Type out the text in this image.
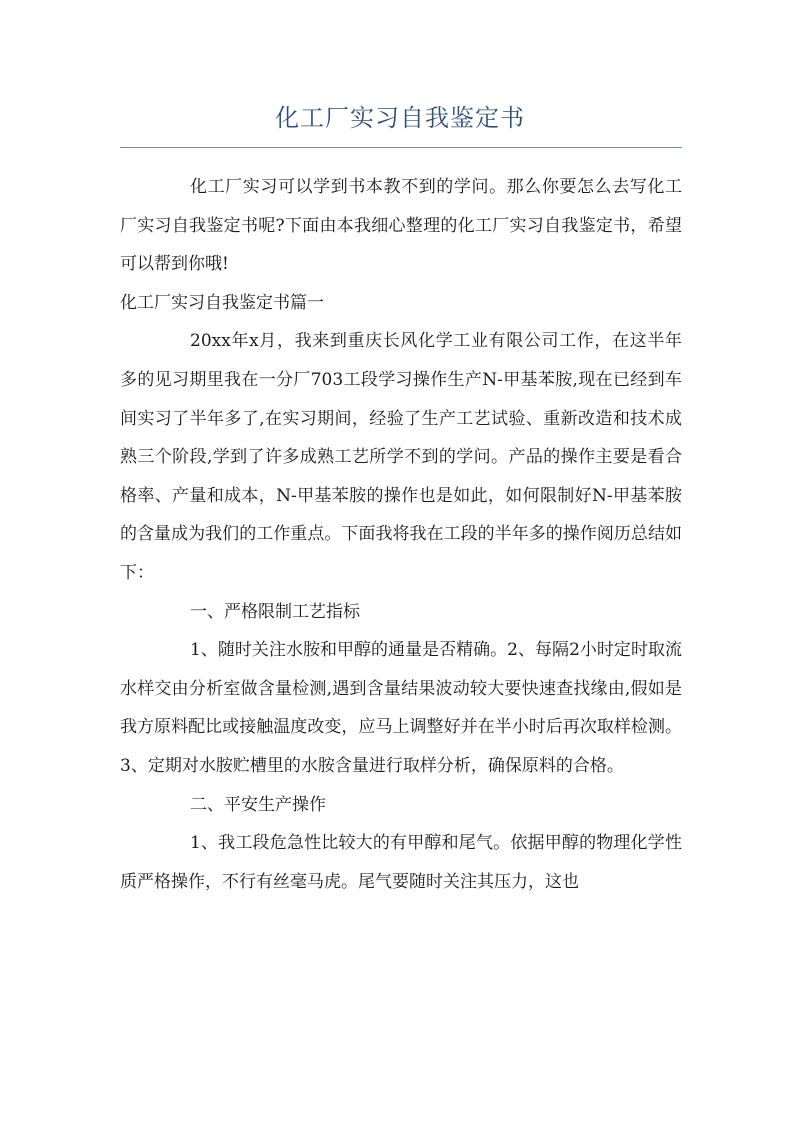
化工厂实习自我鉴定书

化工厂实习可以学到书本教不到的学问。那么你要怎么去写化工厂实习自我鉴定书呢?下面由本我细心整理的化工厂实习自我鉴定书，希望可以帮到你哦!

化工厂实习自我鉴定书篇一

20xx年x月，我来到重庆长风化学工业有限公司工作，在这半年多的见习期里我在一分厂703工段学习操作生产N-甲基苯胺,现在已经到车间实习了半年多了,在实习期间，经验了生产工艺试验、重新改造和技术成熟三个阶段,学到了许多成熟工艺所学不到的学问。产品的操作主要是看合格率、产量和成本，N-甲基苯胺的操作也是如此，如何限制好N-甲基苯胺的含量成为我们的工作重点。下面我将我在工段的半年多的操作阅历总结如下：

一、严格限制工艺指标

1、随时关注水胺和甲醇的通量是否精确。2、每隔2小时定时取流水样交由分析室做含量检测,遇到含量结果波动较大要快速查找缘由,假如是我方原料配比或接触温度改变，应马上调整好并在半小时后再次取样检测。3、定期对水胺贮槽里的水胺含量进行取样分析，确保原料的合格。

二、平安生产操作

1、我工段危急性比较大的有甲醇和尾气。依据甲醇的物理化学性质严格操作，不行有丝毫马虎。尾气要随时关注其压力，这也
